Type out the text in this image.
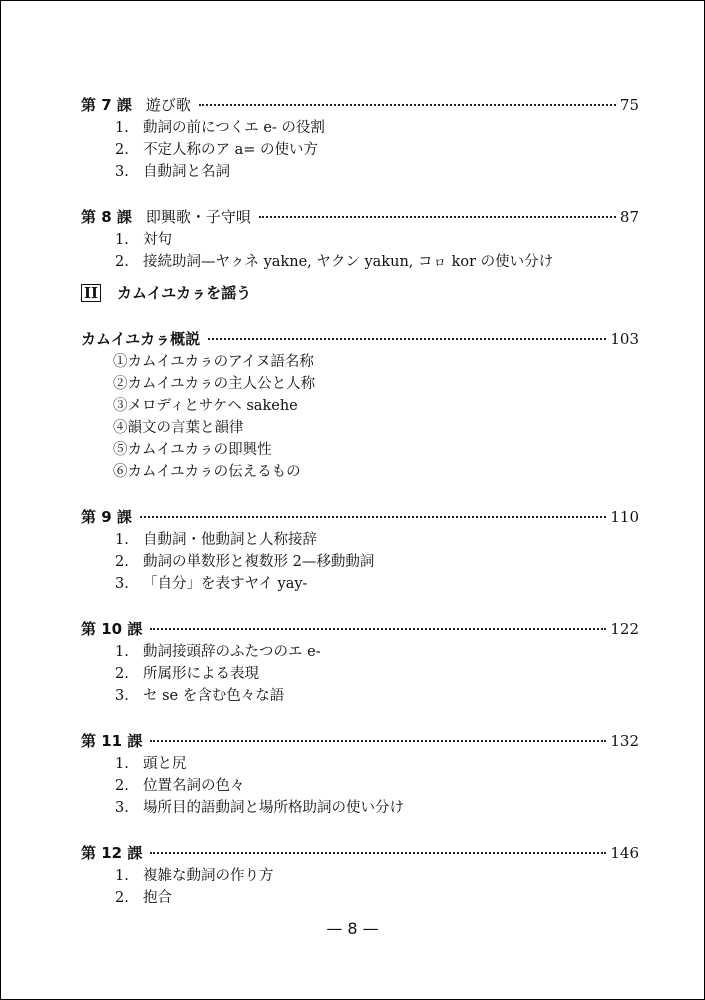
第 7 課 遊び歌	75
1. 動詞の前につくエ e- の役割
2. 不定人称のア a= の使い方
3. 自動詞と名詞
第 8 課 即興歌・子守唄	87
1. 対句
2. 接続助詞—ヤㇰネ yakne, ヤクン yakun, コㇿ kor の使い分け
II カムイユカㇻを謡う
カムイユカㇻ概説	103
①カムイユカㇻのアイヌ語名称
②カムイユカㇻの主人公と人称
③メロディとサケヘ sakehe
④韻文の言葉と韻律
⑤カムイユカㇻの即興性
⑥カムイユカㇻの伝えるもの
第 9 課	110
1. 自動詞・他動詞と人称接辞
2. 動詞の単数形と複数形 2—移動動詞
3. 「自分」を表すヤイ yay-
第 10 課	122
1. 動詞接頭辞のふたつのエ e-
2. 所属形による表現
3. セ se を含む色々な語
第 11 課	132
1. 頭と尻
2. 位置名詞の色々
3. 場所目的語動詞と場所格助詞の使い分け
第 12 課	146
1. 複雑な動詞の作り方
2. 抱合
— 8 —
